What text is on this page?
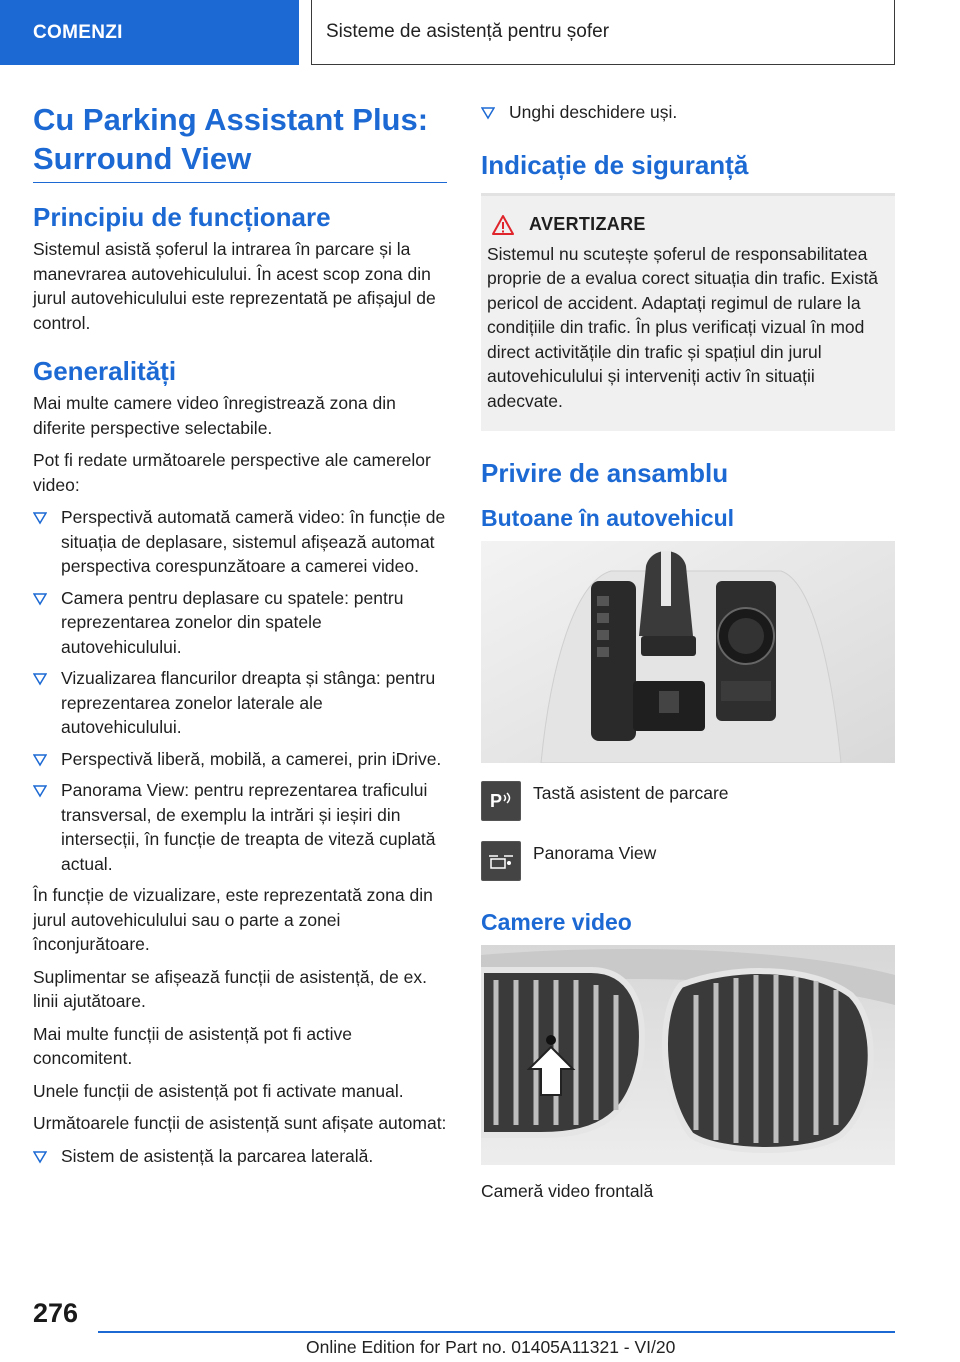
COMENZI	Sisteme de asistență pentru șofer
Cu Parking Assistant Plus: Surround View
Principiu de funcționare

Sistemul asistă șoferul la intrarea în parcare și la manevrarea autovehiculului. În acest scop zona din jurul autovehiculului este reprezentată pe afișajul de control.

Generalități

Mai multe camere video înregistrează zona din diferite perspective selectabile.

Pot fi redate următoarele perspective ale camerelor video:

Perspectivă automată cameră video: în funcție de situația de deplasare, sistemul afișează automat perspectiva corespunzătoare a camerei video.
Camera pentru deplasare cu spatele: pentru reprezentarea zonelor din spatele autovehiculului.
Vizualizarea flancurilor dreapta și stânga: pentru reprezentarea zonelor laterale ale autovehiculului.
Perspectivă liberă, mobilă, a camerei, prin iDrive.
Panorama View: pentru reprezentarea traficului transversal, de exemplu la intrări și ieșiri din intersecții, în funcție de treapta de viteză cuplată actual.

În funcție de vizualizare, este reprezentată zona din jurul autovehiculului sau o parte a zonei înconjurătoare.

Suplimentar se afișează funcții de asistență, de ex. linii ajutătoare.

Mai multe funcții de asistență pot fi active concomitent.

Unele funcții de asistență pot fi activate manual.

Următoarele funcții de asistență sunt afișate automat:

Sistem de asistență la parcarea laterală.
Unghi deschidere uși.
Indicație de siguranță
AVERTIZARE

Sistemul nu scutește șoferul de responsabilitatea proprie de a evalua corect situația din trafic. Există pericol de accident. Adaptați regimul de rulare la condițiile din trafic. În plus verificați vizual în mod direct activitățile din trafic și spațiul din jurul autovehiculului și interveniți activ în situații adecvate.

Privire de ansamblu
Butoane în autovehicul
P Tastă asistent de parcare
Panorama View
Camere video

Cameră video frontală

276
Online Edition for Part no. 01405A11321 - VI/20
